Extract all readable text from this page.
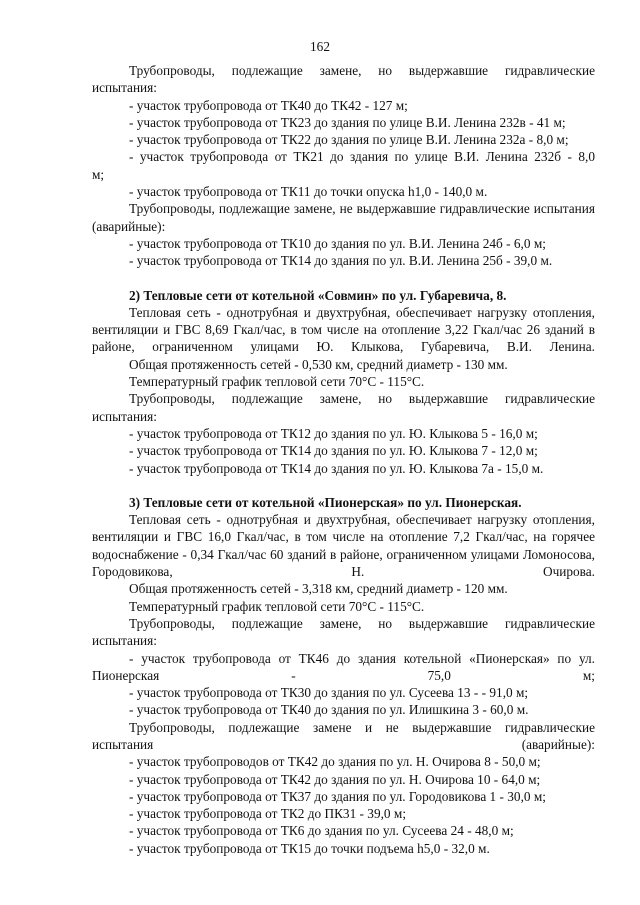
162
Трубопроводы, подлежащие замене, но выдержавшие гидравлические испытания:
- участок трубопровода от ТК40 до ТК42 - 127 м;
- участок трубопровода от ТК23 до здания по улице В.И. Ленина 232в - 41 м;
- участок трубопровода от ТК22 до здания по улице В.И. Ленина 232а - 8,0 м;
- участок трубопровода от ТК21 до здания по улице В.И. Ленина 232б - 8,0
м;
- участок трубопровода от ТК11 до точки опуска h1,0 - 140,0 м.
Трубопроводы, подлежащие замене, не выдержавшие гидравлические испытания (аварийные):
- участок трубопровода от ТК10 до здания по ул. В.И. Ленина 24б - 6,0 м;
- участок трубопровода от ТК14 до здания по ул. В.И. Ленина 25б - 39,0 м.
2) Тепловые сети от котельной «Совмин» по ул. Губаревича, 8.
Тепловая сеть - однотрубная и двухтрубная, обеспечивает нагрузку отопления, вентиляции и ГВС 8,69 Гкал/час, в том числе на отопление 3,22 Гкал/час 26 зданий в районе, ограниченном улицами Ю. Клыкова, Губаревича, В.И. Ленина.
Общая протяженность сетей - 0,530 км, средний диаметр - 130 мм.
Температурный график тепловой сети 70°С - 115°С.
Трубопроводы, подлежащие замене, но выдержавшие гидравлические испытания:
- участок трубопровода от ТК12 до здания по ул. Ю. Клыкова 5 - 16,0 м;
- участок трубопровода от ТК14 до здания по ул. Ю. Клыкова 7 - 12,0 м;
- участок трубопровода от ТК14 до здания по ул. Ю. Клыкова 7а - 15,0 м.
3) Тепловые сети от котельной «Пионерская» по ул. Пионерская.
Тепловая сеть - однотрубная и двухтрубная, обеспечивает нагрузку отопления, вентиляции и ГВС 16,0 Гкал/час, в том числе на отопление 7,2 Гкал/час, на горячее водоснабжение - 0,34 Гкал/час 60 зданий в районе, ограниченном улицами Ломоносова, Городовикова, Н. Очирова.
Общая протяженность сетей - 3,318 км, средний диаметр - 120 мм.
Температурный график тепловой сети 70°С - 115°С.
Трубопроводы, подлежащие замене, но выдержавшие гидравлические испытания:
- участок трубопровода от ТК46 до здания котельной «Пионерская» по ул. Пионерская - 75,0 м;
- участок трубопровода от ТК30 до здания по ул. Сусеева 13 - - 91,0 м;
- участок трубопровода от ТК40 до здания по ул. Илишкина 3 - 60,0 м.
Трубопроводы, подлежащие замене и не выдержавшие гидравлические испытания (аварийные):
- участок трубопроводов от ТК42 до здания по ул. Н. Очирова 8 - 50,0 м;
- участок трубопровода от ТК42 до здания по ул. Н. Очирова 10 - 64,0 м;
- участок трубопровода от ТК37 до здания по ул. Городовикова 1 - 30,0 м;
- участок трубопровода от ТК2 до ПК31 - 39,0 м;
- участок трубопровода от ТК6 до здания по ул. Сусеева 24 - 48,0 м;
- участок трубопровода от ТК15 до точки подъема h5,0 - 32,0 м.
